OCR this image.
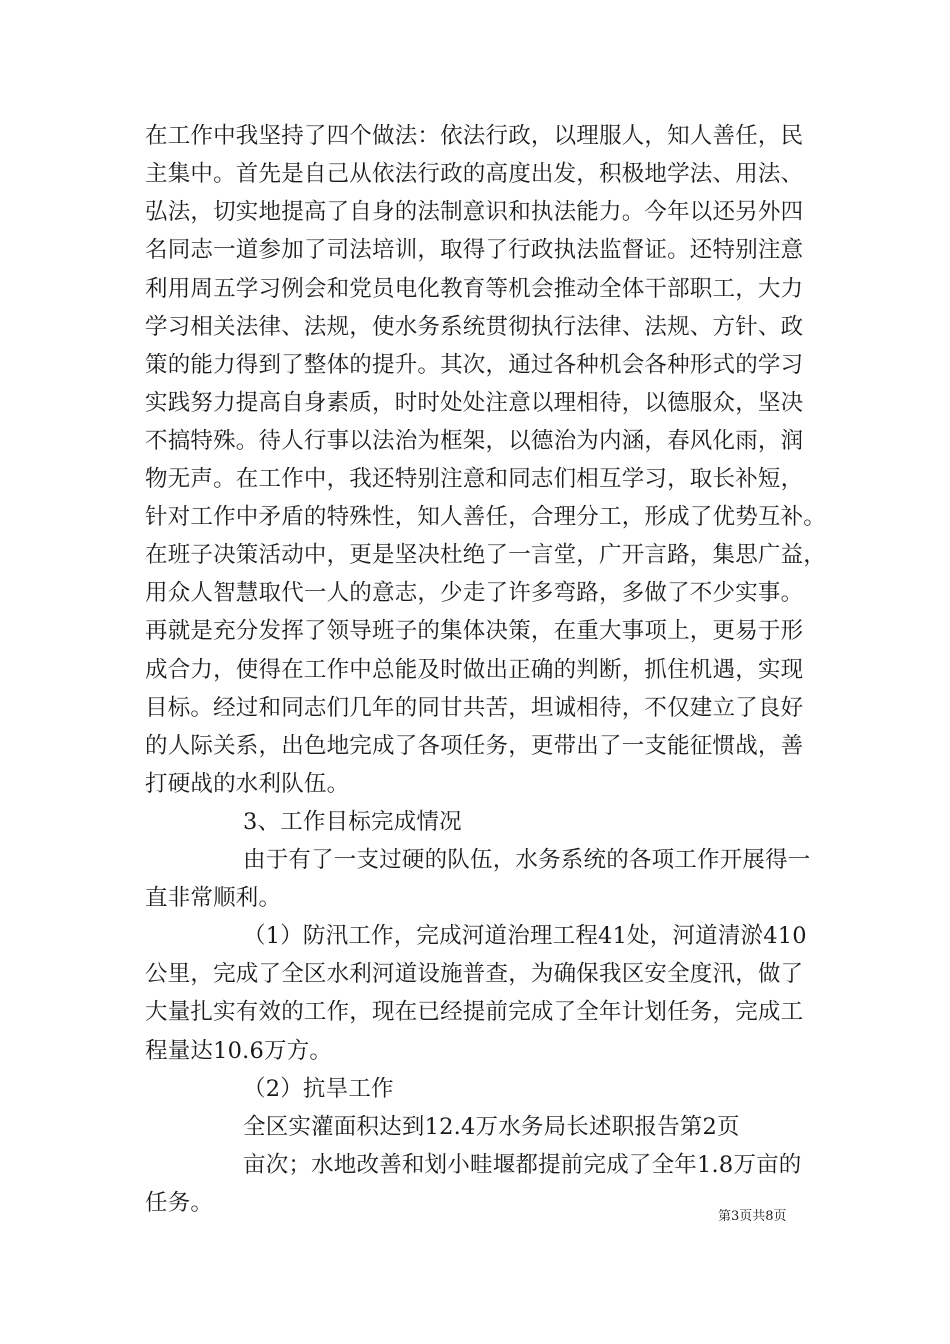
在工作中我坚持了四个做法：依法行政，以理服人，知人善任，民
主集中。首先是自己从依法行政的高度出发，积极地学法、用法、
弘法，切实地提高了自身的法制意识和执法能力。今年以还另外四
名同志一道参加了司法培训，取得了行政执法监督证。还特别注意
利用周五学习例会和党员电化教育等机会推动全体干部职工，大力
学习相关法律、法规，使水务系统贯彻执行法律、法规、方针、政
策的能力得到了整体的提升。其次，通过各种机会各种形式的学习
实践努力提高自身素质，时时处处注意以理相待，以德服众，坚决
不搞特殊。待人行事以法治为框架，以德治为内涵，春风化雨，润
物无声。在工作中，我还特别注意和同志们相互学习，取长补短，
针对工作中矛盾的特殊性，知人善任，合理分工，形成了优势互补。
在班子决策活动中，更是坚决杜绝了一言堂，广开言路，集思广益，
用众人智慧取代一人的意志，少走了许多弯路，多做了不少实事。
再就是充分发挥了领导班子的集体决策，在重大事项上，更易于形
成合力，使得在工作中总能及时做出正确的判断，抓住机遇，实现
目标。经过和同志们几年的同甘共苦，坦诚相待，不仅建立了良好
的人际关系，出色地完成了各项任务，更带出了一支能征惯战，善
打硬战的水利队伍。
3、工作目标完成情况
由于有了一支过硬的队伍，水务系统的各项工作开展得一
直非常顺利。
（1）防汛工作，完成河道治理工程41处，河道清淤410
公里，完成了全区水利河道设施普查，为确保我区安全度汛，做了
大量扎实有效的工作，现在已经提前完成了全年计划任务，完成工
程量达10.6万方。
（2）抗旱工作
全区实灌面积达到12.4万水务局长述职报告第2页
亩次；水地改善和划小畦堰都提前完成了全年1.8万亩的
任务。
第3页共8页
